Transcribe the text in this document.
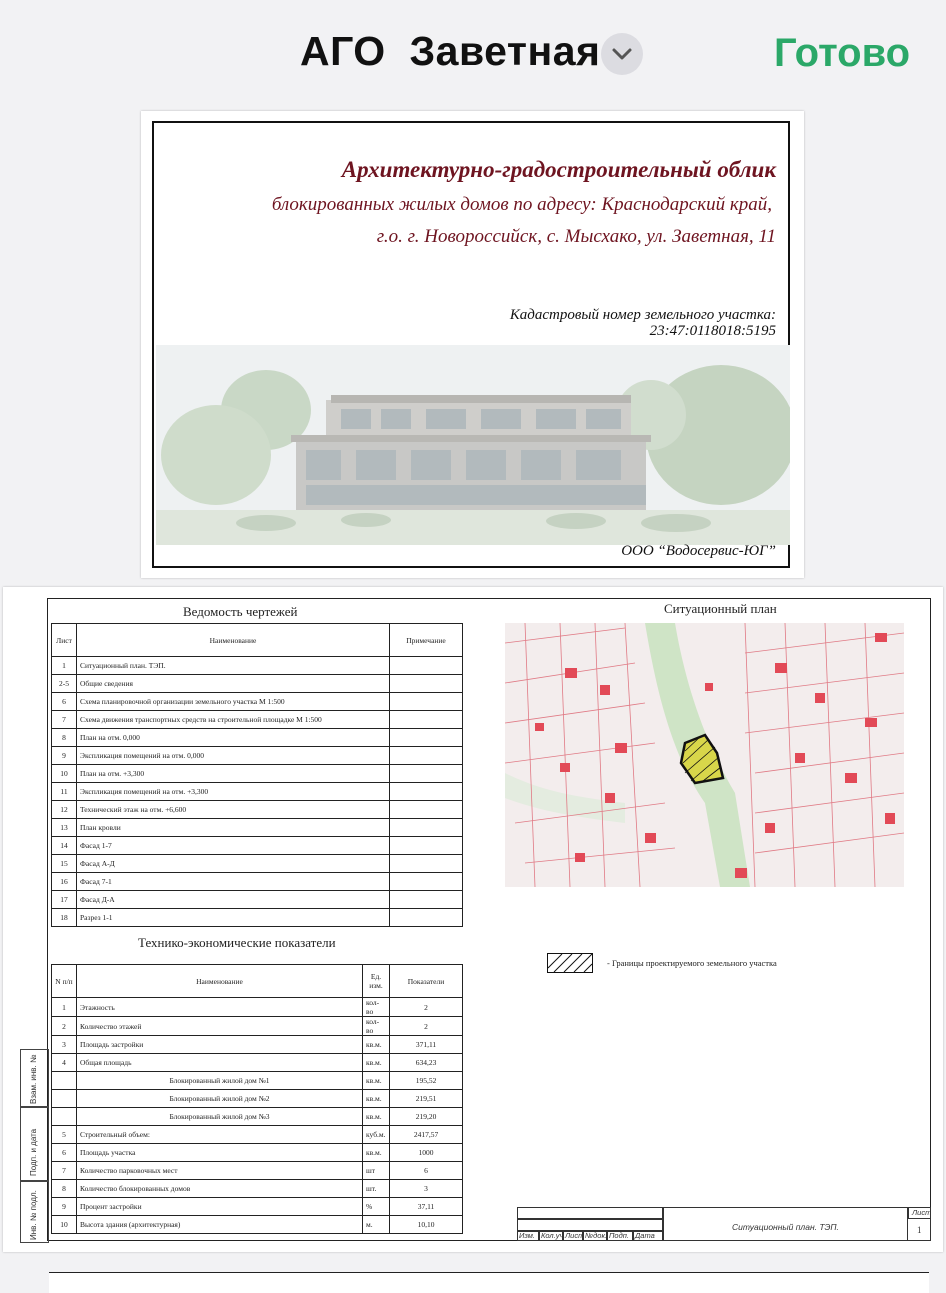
АГО  Заветная	Готово
Архитектурно-градостроительный облик
блокированных жилых домов по адресу: Краснодарский край,
г.о. г. Новороссийск, с. Мысхако, ул. Заветная, 11
Кадастровый номер земельного участка:
23:47:0118018:5195
ООО “Водосервис-ЮГ”
Взам. инв. №
Подп. и дата
Инв. № подл.
Ведомость чертежей
Лист	Наименование	Примечание
1	Ситуационный план. ТЭП.	
2-5	Общие сведения	
6	Схема планировочной организации земельного участка М 1:500	
7	Схема движения транспортных средств на строительной площадке М 1:500	
8	План на отм. 0,000	
9	Экспликация помещений на отм. 0,000	
10	План на отм. +3,300	
11	Экспликация помещений на отм. +3,300	
12	Технический этаж на отм. +6,600	
13	План кровли	
14	Фасад 1-7	
15	Фасад А-Д	
16	Фасад 7-1	
17	Фасад Д-А	
18	Разрез 1-1	
Технико-экономические показатели
N п/п	Наименование	Ед. изм.	Показатели
1	Этажность	кол-во	2
2	Количество этажей	кол-во	2
3	Площадь застройки	кв.м.	371,11
4	Общая площадь	кв.м.	634,23
	Блокированный жилой дом №1	кв.м.	195,52
	Блокированный жилой дом №2	кв.м.	219,51
	Блокированный жилой дом №3	кв.м.	219,20
5	Строительный объем:	куб.м.	2417,57
6	Площадь участка	кв.м.	1000
7	Количество парковочных мест	шт	6
8	Количество блокированных домов	шт.	3
9	Процент застройки	%	37,11
10	Высота здания (архитектурная)	м.	10,10
Ситуационный план
- Границы проектируемого земельного участка
Изм. Кол.уч Лист №док. Подп. Дата
Ситуационный план. ТЭП.
Лист
1
